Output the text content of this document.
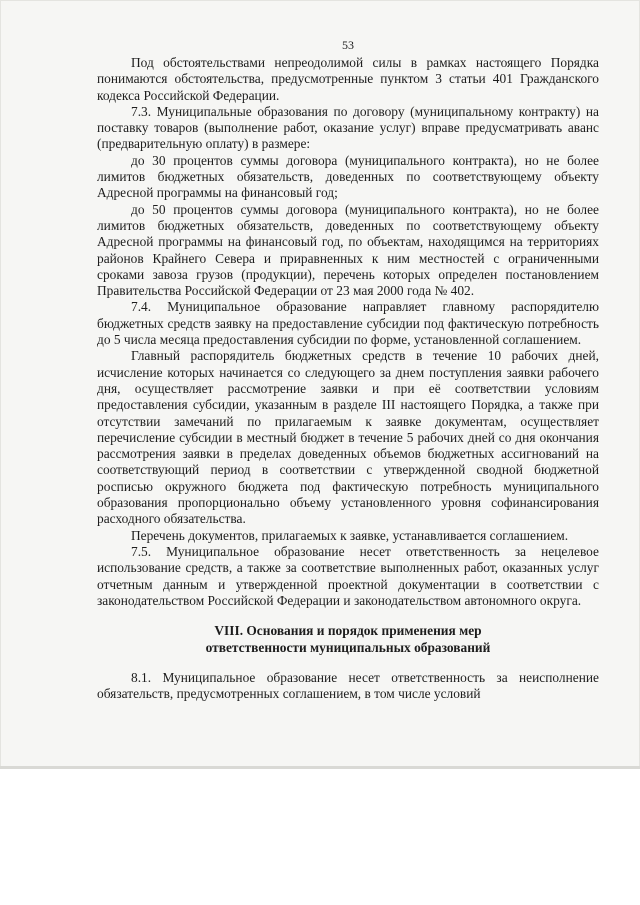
53

Под обстоятельствами непреодолимой силы в рамках настоящего Порядка понимаются обстоятельства, предусмотренные пунктом 3 статьи 401 Гражданского кодекса Российской Федерации.

7.3. Муниципальные образования по договору (муниципальному контракту) на поставку товаров (выполнение работ, оказание услуг) вправе предусматривать аванс (предварительную оплату) в размере:

до 30 процентов суммы договора (муниципального контракта), но не более лимитов бюджетных обязательств, доведенных по соответствующему объекту Адресной программы на финансовый год;

до 50 процентов суммы договора (муниципального контракта), но не более лимитов бюджетных обязательств, доведенных по соответствующему объекту Адресной программы на финансовый год, по объектам, находящимся на территориях районов Крайнего Севера и приравненных к ним местностей с ограниченными сроками завоза грузов (продукции), перечень которых определен постановлением Правительства Российской Федерации от 23 мая 2000 года № 402.

7.4. Муниципальное образование направляет главному распорядителю бюджетных средств заявку на предоставление субсидии под фактическую потребность до 5 числа месяца предоставления субсидии по форме, установленной соглашением.

Главный распорядитель бюджетных средств в течение 10 рабочих дней, исчисление которых начинается со следующего за днем поступления заявки рабочего дня, осуществляет рассмотрение заявки и при её соответствии условиям предоставления субсидии, указанным в разделе III настоящего Порядка, а также при отсутствии замечаний по прилагаемым к заявке документам, осуществляет перечисление субсидии в местный бюджет в течение 5 рабочих дней со дня окончания рассмотрения заявки в пределах доведенных объемов бюджетных ассигнований на соответствующий период в соответствии с утвержденной сводной бюджетной росписью окружного бюджета под фактическую потребность муниципального образования пропорционально объему установленного уровня софинансирования расходного обязательства.

Перечень документов, прилагаемых к заявке, устанавливается соглашением.

7.5. Муниципальное образование несет ответственность за нецелевое использование средств, а также за соответствие выполненных работ, оказанных услуг отчетным данным и утвержденной проектной документации в соответствии с законодательством Российской Федерации и законодательством автономного округа.

VIII. Основания и порядок применения мер
ответственности муниципальных образований

8.1. Муниципальное образование несет ответственность за неисполнение обязательств, предусмотренных соглашением, в том числе условий
